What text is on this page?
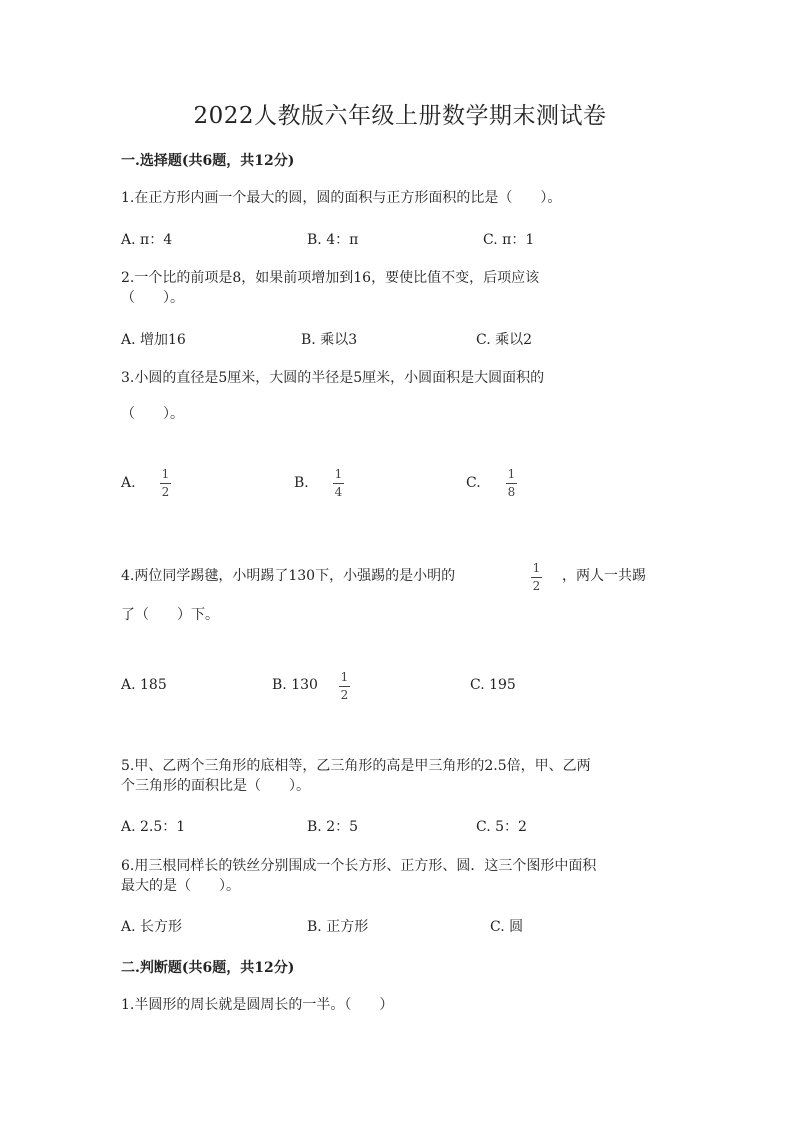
2022人教版六年级上册数学期末测试卷
一.选择题(共6题，共12分)
1.在正方形内画一个最大的圆，圆的面积与正方形面积的比是（　　）。
A. π：4	B. 4：π	C. π：1
2.一个比的前项是8，如果前项增加到16，要使比值不变，后项应该
（　　）。
A. 增加16	B. 乘以3	C. 乘以2
3.小圆的直径是5厘米，大圆的半径是5厘米，小圆面积是大圆面积的
（　　）。
A.
1
2
B.
1
4
C.
1
8
4.两位同学踢毽，小明踢了130下，小强踢的是小明的	1
2
，两人一共踢
了（　　）下。
A. 185	B. 130 1
2
C. 195
5.甲、乙两个三角形的底相等，乙三角形的高是甲三角形的2.5倍，甲、乙两
个三角形的面积比是（　　）。
A. 2.5：1	B. 2：5	C. 5：2
6.用三根同样长的铁丝分别围成一个长方形、正方形、圆．这三个图形中面积
最大的是（　　）。
A. 长方形	B. 正方形	C. 圆
二.判断题(共6题，共12分)
1.半圆形的周长就是圆周长的一半。（　　）
